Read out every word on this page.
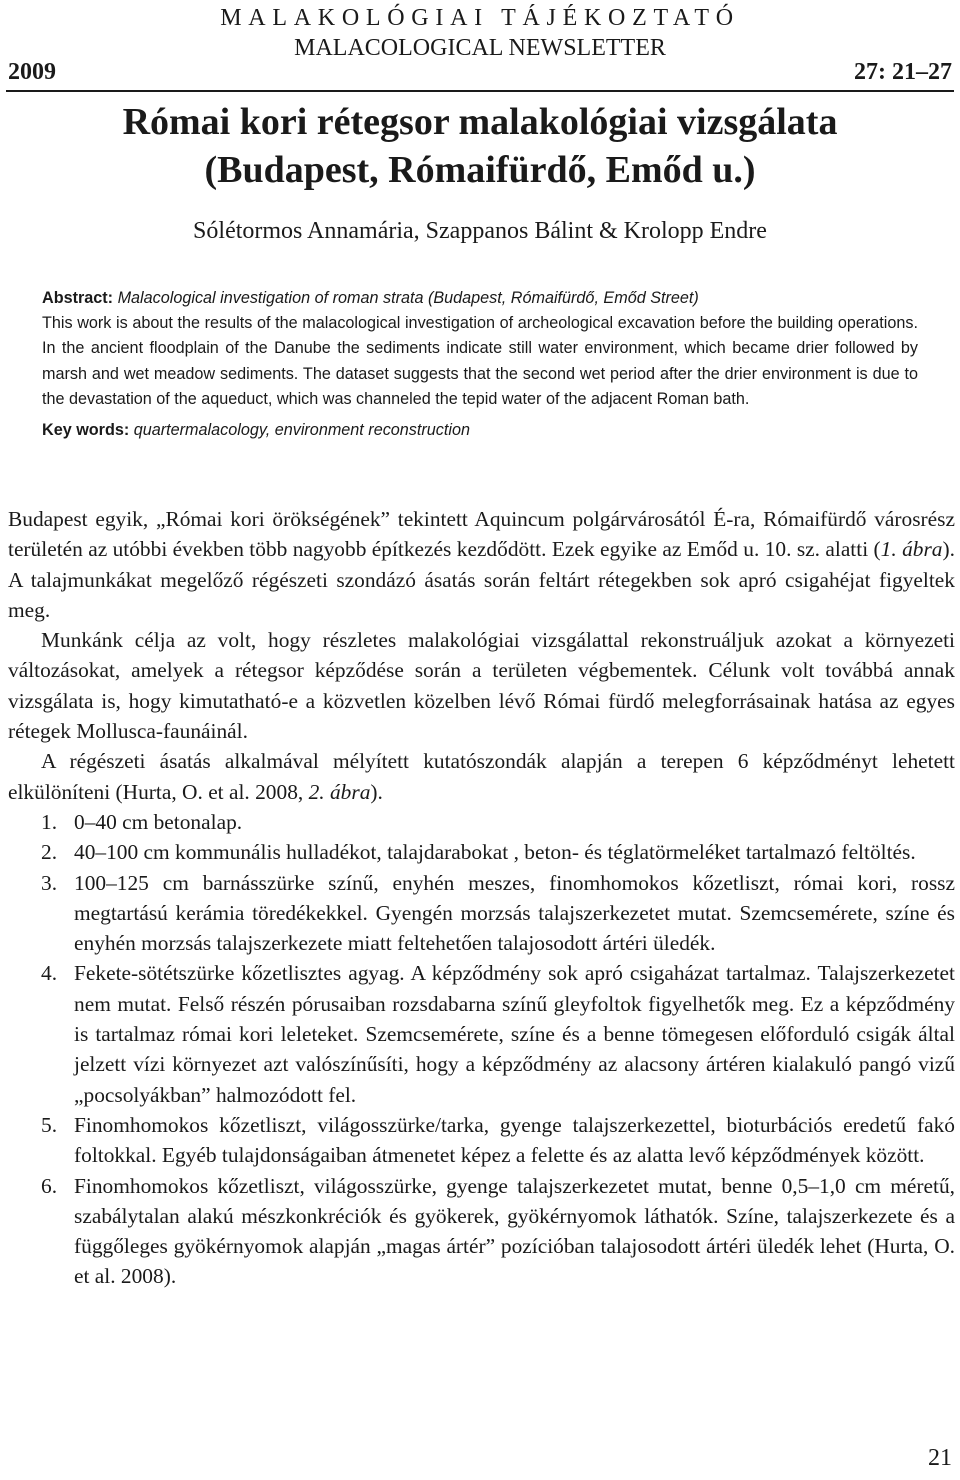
MALAKOLÓGIAI TÁJÉKOZTATÓ
MALACOLOGICAL NEWSLETTER
2009	27: 21–27
Római kori rétegsor malakológiai vizsgálata
(Budapest, Rómaifürdő, Emőd u.)
Sólétormos Annamária, Szappanos Bálint & Krolopp Endre

Abstract: Malacological investigation of roman strata (Budapest, Rómaifürdő, Emőd Street)

This work is about the results of the malacological investigation of archeological excavation before the building operations. In the ancient floodplain of the Danube the sediments indicate still water environment, which became drier followed by marsh and wet meadow sediments. The dataset suggests that the second wet period after the drier environment is due to the devastation of the aqueduct, which was channeled the tepid water of the adjacent Roman bath.

Key words: quartermalacology, environment reconstruction

Budapest egyik, „Római kori örökségének” tekintett Aquincum polgárvárosától É-ra, Rómaifürdő városrész területén az utóbbi években több nagyobb építkezés kezdődött. Ezek egyike az Emőd u. 10. sz. alatti (1. ábra). A talajmunkákat megelőző régészeti szondázó ásatás során feltárt rétegekben sok apró csigahéjat figyeltek meg.

Munkánk célja az volt, hogy részletes malakológiai vizsgálattal rekonstruáljuk azokat a környezeti változásokat, amelyek a rétegsor képződése során a területen végbementek. Célunk volt továbbá annak vizsgálata is, hogy kimutatható-e a közvetlen közelben lévő Római fürdő melegforrásainak hatása az egyes rétegek Mollusca-faunáinál.

A régészeti ásatás alkalmával mélyített kutatószondák alapján a terepen 6 képződményt lehetett elkülöníteni (Hurta, O. et al. 2008, 2. ábra).

1. 0–40 cm betonalap.
2. 40–100 cm kommunális hulladékot, talajdarabokat , beton- és téglatörmeléket tartalmazó feltöltés.
3. 100–125 cm barnásszürke színű, enyhén meszes, finomhomokos kőzetliszt, római kori, rossz megtartású kerámia töredékekkel. Gyengén morzsás talajszerkezetet mutat. Szemcsemérete, színe és enyhén morzsás talajszerkezete miatt feltehetően talajosodott ártéri üledék.
4. Fekete-sötétszürke kőzetlisztes agyag. A képződmény sok apró csigaházat tartalmaz. Talajszerkezetet nem mutat. Felső részén pórusaiban rozsdabarna színű gleyfoltok figyelhetők meg. Ez a képződmény is tartalmaz római kori leleteket. Szemcsemérete, színe és a benne tömegesen előforduló csigák által jelzett vízi környezet azt valószínűsíti, hogy a képződmény az alacsony ártéren kialakuló pangó vizű „pocsolyákban” halmozódott fel.
5. Finomhomokos kőzetliszt, világosszürke/tarka, gyenge talajszerkezettel, bioturbációs eredetű fakó foltokkal. Egyéb tulajdonságaiban átmenetet képez a felette és az alatta levő képződmények között.
6. Finomhomokos kőzetliszt, világosszürke, gyenge talajszerkezetet mutat, benne 0,5–1,0 cm méretű, szabálytalan alakú mészkonkréciók és gyökerek, gyökérnyomok láthatók. Színe, talajszerkezete és a függőleges gyökérnyomok alapján „magas ártér” pozícióban talajosodott ártéri üledék lehet (Hurta, O. et al. 2008).
21
